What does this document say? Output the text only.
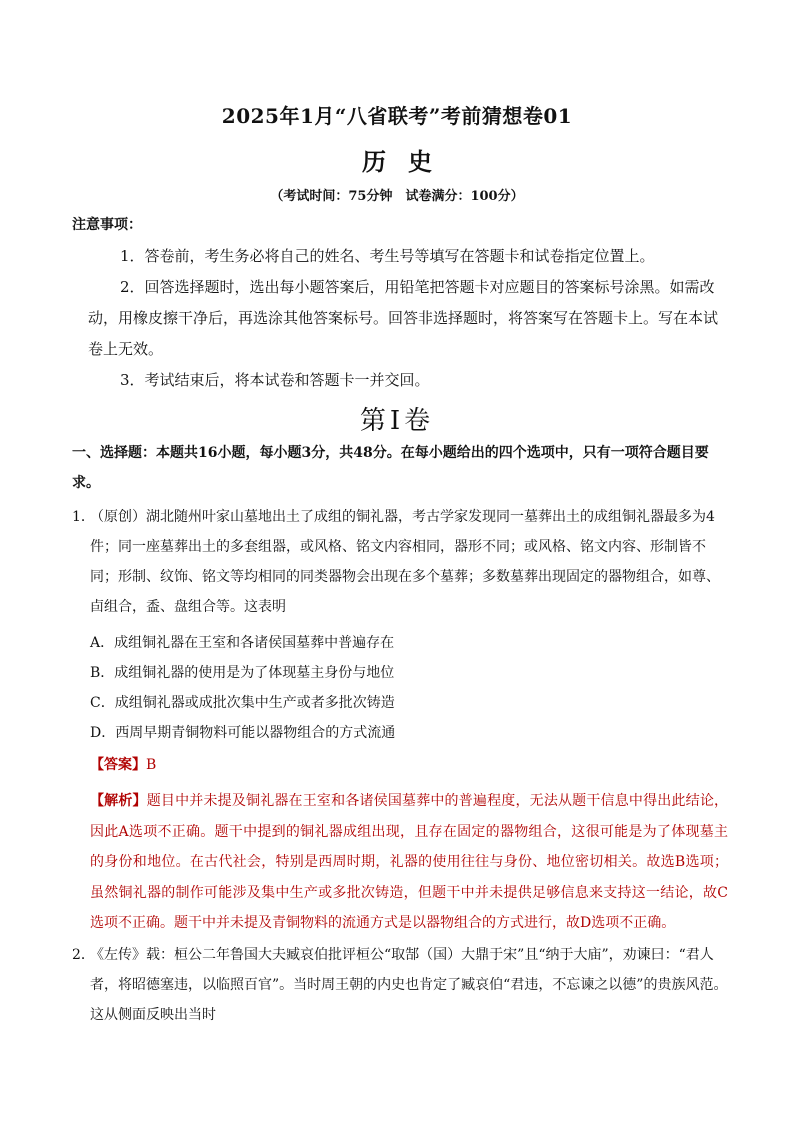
2025年1月“八省联考”考前猜想卷01
历史
（考试时间：75分钟　试卷满分：100分）
注意事项：
1．答卷前，考生务必将自己的姓名、考生号等填写在答题卡和试卷指定位置上。
2．回答选择题时，选出每小题答案后，用铅笔把答题卡对应题目的答案标号涂黑。如需改动，用橡皮擦干净后，再选涂其他答案标号。回答非选择题时，将答案写在答题卡上。写在本试卷上无效。
3．考试结束后，将本试卷和答题卡一并交回。
第Ⅰ卷
一、选择题：本题共16小题，每小题3分，共48分。在每小题给出的四个选项中，只有一项符合题目要求。
1．
（原创）湖北随州叶家山墓地出土了成组的铜礼器，考古学家发现同一墓葬出土的成组铜礼器最多为4件；同一座墓葬出土的多套组器，或风格、铭文内容相同，器形不同；或风格、铭文内容、形制皆不同；形制、纹饰、铭文等均相同的同类器物会出现在多个墓葬；多数墓葬出现固定的器物组合，如尊、卣组合，盉、盘组合等。这表明
A．成组铜礼器在王室和各诸侯国墓葬中普遍存在
B．成组铜礼器的使用是为了体现墓主身份与地位
C．成组铜礼器或成批次集中生产或者多批次铸造
D．西周早期青铜物料可能以器物组合的方式流通
【答案】B
【解析】题目中并未提及铜礼器在王室和各诸侯国墓葬中的普遍程度，无法从题干信息中得出此结论，因此A选项不正确。题干中提到的铜礼器成组出现，且存在固定的器物组合，这很可能是为了体现墓主的身份和地位。在古代社会，特别是西周时期，礼器的使用往往与身份、地位密切相关。故选B选项；虽然铜礼器的制作可能涉及集中生产或多批次铸造，但题干中并未提供足够信息来支持这一结论，故C选项不正确。题干中并未提及青铜物料的流通方式是以器物组合的方式进行，故D选项不正确。
2．
《左传》载：桓公二年鲁国大夫臧哀伯批评桓公“取郜（国）大鼎于宋”且“纳于大庙”，劝谏曰：“君人者，将昭德塞违，以临照百官”。当时周王朝的内史也肯定了臧哀伯“君违，不忘谏之以德”的贵族风范。这从侧面反映出当时
